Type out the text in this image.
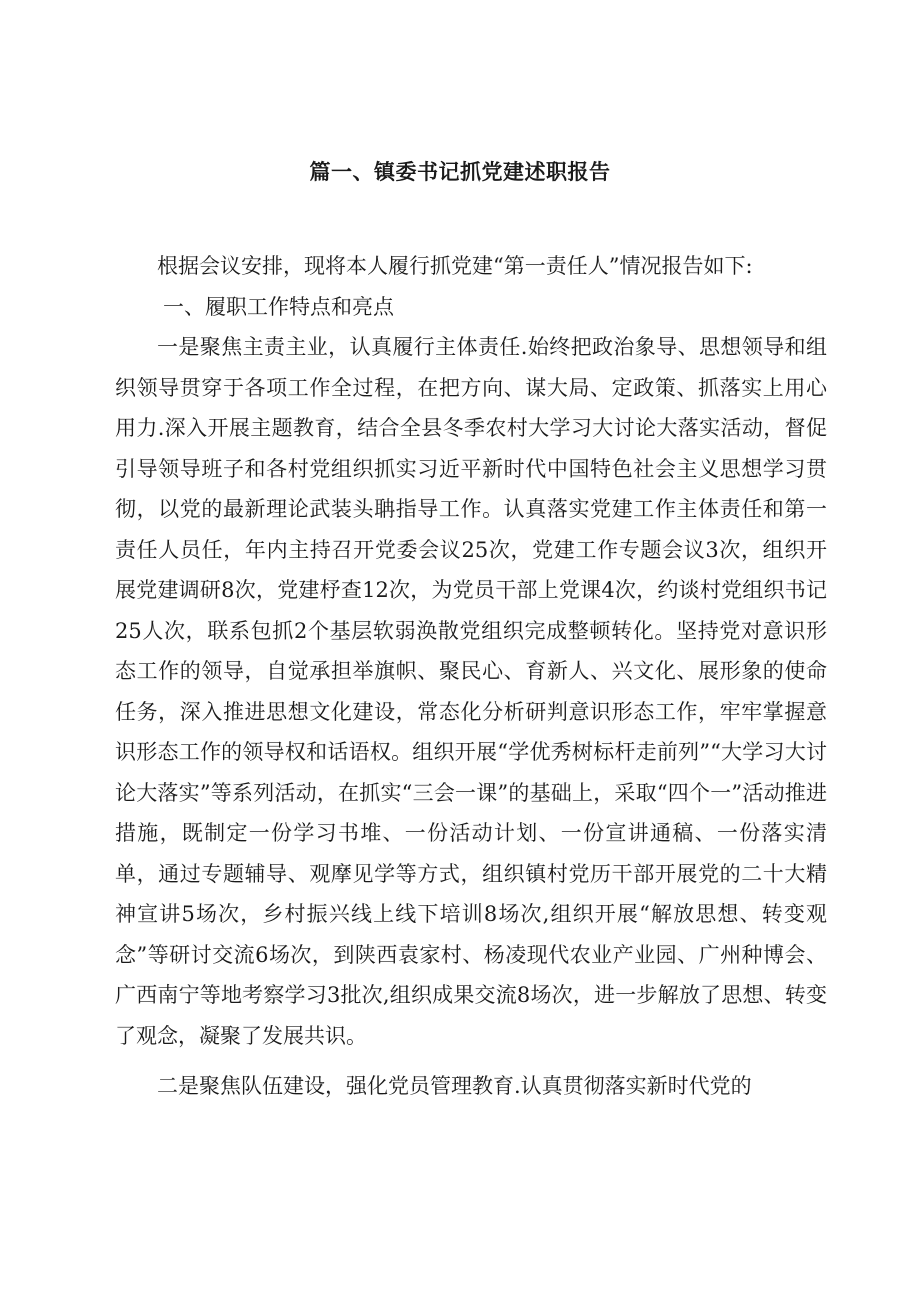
篇一、镇委书记抓党建述职报告

根据会议安排，现将本人履行抓党建“第一责任人”情况报告如下:

一、履职工作特点和亮点

一是聚焦主责主业，认真履行主体责任.始终把政治象导、思想领导和组织领导贯穿于各项工作全过程，在把方向、谋大局、定政策、抓落实上用心用力.深入开展主题教育，结合全县冬季农村大学习大讨论大落实活动，督促引导领导班子和各村党组织抓实习近平新时代中国特色社会主义思想学习贯彻，以党的最新理论武装头聃指导工作。认真落实党建工作主体责任和第一责任人员任，年内主持召开党委会议25次，党建工作专题会议3次，组织开展党建调研8次，党建杼查12次，为党员干部上党课4次，约谈村党组织书记25人次，联系包抓2个基层软弱涣散党组织完成整顿转化。坚持党对意识形态工作的领导，自觉承担举旗帜、聚民心、育新人、兴文化、展形象的使命任务，深入推进思想文化建设，常态化分析研判意识形态工作，牢牢掌握意识形态工作的领导权和话语权。组织开展“学优秀树标杆走前列”“大学习大讨论大落实”等系列活动，在抓实“三会一课”的基础上，采取“四个一”活动推进措施，既制定一份学习书堆、一份活动计划、一份宣讲通稿、一份落实清单，通过专题辅导、观摩见学等方式，组织镇村党历干部开展党的二十大精神宣讲5场次，乡村振兴线上线下培训8场次,组织开展“解放思想、转变观念”等研讨交流6场次，到陕西袁家村、杨凌现代农业产业园、广州种博会、广西南宁等地考察学习3批次,组织成果交流8场次，进一步解放了思想、转变了观念，凝聚了发展共识。

二是聚焦队伍建设，强化党员管理教育.认真贯彻落实新时代党的
